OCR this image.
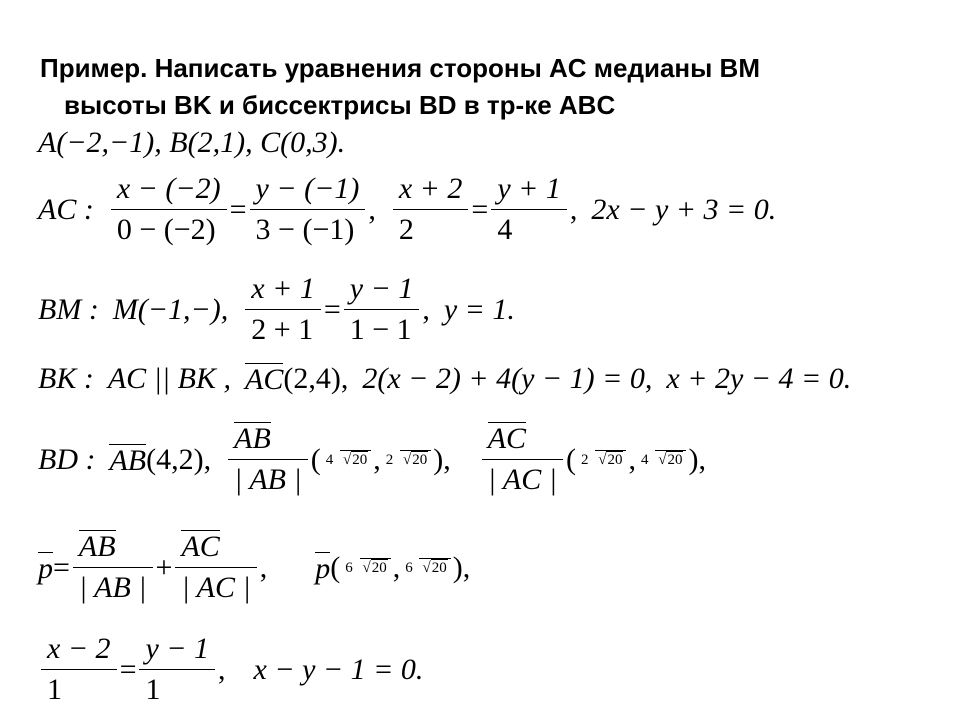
Пример. Написать уравнения стороны AC медианы BM
высоты BK и биссектрисы BD в тр-ке ABC
A(−2,−1), B(2,1), C(0,3).
AC : $\frac{x - (-2)}{0 - (-2)} = \frac{y - (-1)}{3 - (-1)}$ , $\frac{x + 2}{2} = \frac{y + 1}{4}$ , 2x − y + 3 = 0.
BM : M(−1,−), $\frac{x + 1}{2 + 1} = \frac{y - 1}{1 - 1}$ , y = 1.
BK : AC || BK , AC (2,4), 2(x − 2) + 4(y − 1) = 0, x + 2y − 4 = 0.
BD : AB (4,2),
AB
| AB |
( 4 √20 , 2 √20 ),
AC
| AC |
( 2 √20 , 4 √20 ),
$p = \frac{AB}{| AB |} + \frac{AC}{| AC |}$ , p ( 6 √20 , 6 √20 ),
$\frac{x - 2}{1} = \frac{y - 1}{1}$ , x − y − 1 = 0.
